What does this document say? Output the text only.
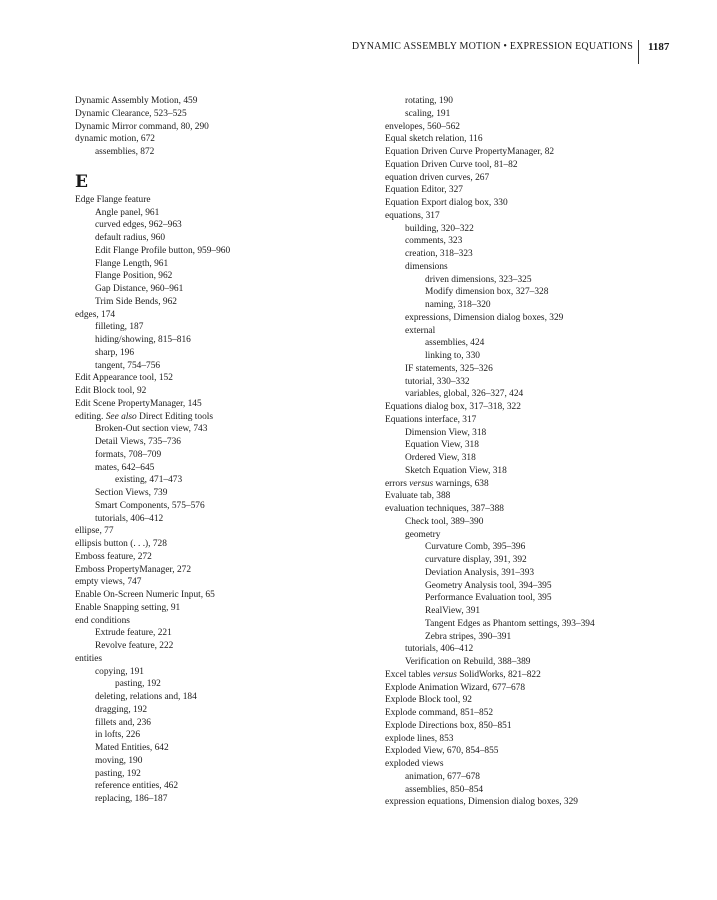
DYNAMIC ASSEMBLY MOTION • EXPRESSION EQUATIONS 1187
Dynamic Assembly Motion, 459
Dynamic Clearance, 523–525
Dynamic Mirror command, 80, 290
dynamic motion, 672
assemblies, 872
E
Edge Flange feature
Angle panel, 961
curved edges, 962–963
default radius, 960
Edit Flange Profile button, 959–960
Flange Length, 961
Flange Position, 962
Gap Distance, 960–961
Trim Side Bends, 962
edges, 174
filleting, 187
hiding/showing, 815–816
sharp, 196
tangent, 754–756
Edit Appearance tool, 152
Edit Block tool, 92
Edit Scene PropertyManager, 145
editing. See also Direct Editing tools
Broken-Out section view, 743
Detail Views, 735–736
formats, 708–709
mates, 642–645
existing, 471–473
Section Views, 739
Smart Components, 575–576
tutorials, 406–412
ellipse, 77
ellipsis button (. . .), 728
Emboss feature, 272
Emboss PropertyManager, 272
empty views, 747
Enable On-Screen Numeric Input, 65
Enable Snapping setting, 91
end conditions
Extrude feature, 221
Revolve feature, 222
entities
copying, 191
pasting, 192
deleting, relations and, 184
dragging, 192
fillets and, 236
in lofts, 226
Mated Entities, 642
moving, 190
pasting, 192
reference entities, 462
replacing, 186–187
rotating, 190
scaling, 191
envelopes, 560–562
Equal sketch relation, 116
Equation Driven Curve PropertyManager, 82
Equation Driven Curve tool, 81–82
equation driven curves, 267
Equation Editor, 327
Equation Export dialog box, 330
equations, 317
building, 320–322
comments, 323
creation, 318–323
dimensions
driven dimensions, 323–325
Modify dimension box, 327–328
naming, 318–320
expressions, Dimension dialog boxes, 329
external
assemblies, 424
linking to, 330
IF statements, 325–326
tutorial, 330–332
variables, global, 326–327, 424
Equations dialog box, 317–318, 322
Equations interface, 317
Dimension View, 318
Equation View, 318
Ordered View, 318
Sketch Equation View, 318
errors versus warnings, 638
Evaluate tab, 388
evaluation techniques, 387–388
Check tool, 389–390
geometry
Curvature Comb, 395–396
curvature display, 391, 392
Deviation Analysis, 391–393
Geometry Analysis tool, 394–395
Performance Evaluation tool, 395
RealView, 391
Tangent Edges as Phantom settings, 393–394
Zebra stripes, 390–391
tutorials, 406–412
Verification on Rebuild, 388–389
Excel tables versus SolidWorks, 821–822
Explode Animation Wizard, 677–678
Explode Block tool, 92
Explode command, 851–852
Explode Directions box, 850–851
explode lines, 853
Exploded View, 670, 854–855
exploded views
animation, 677–678
assemblies, 850–854
expression equations, Dimension dialog boxes, 329
